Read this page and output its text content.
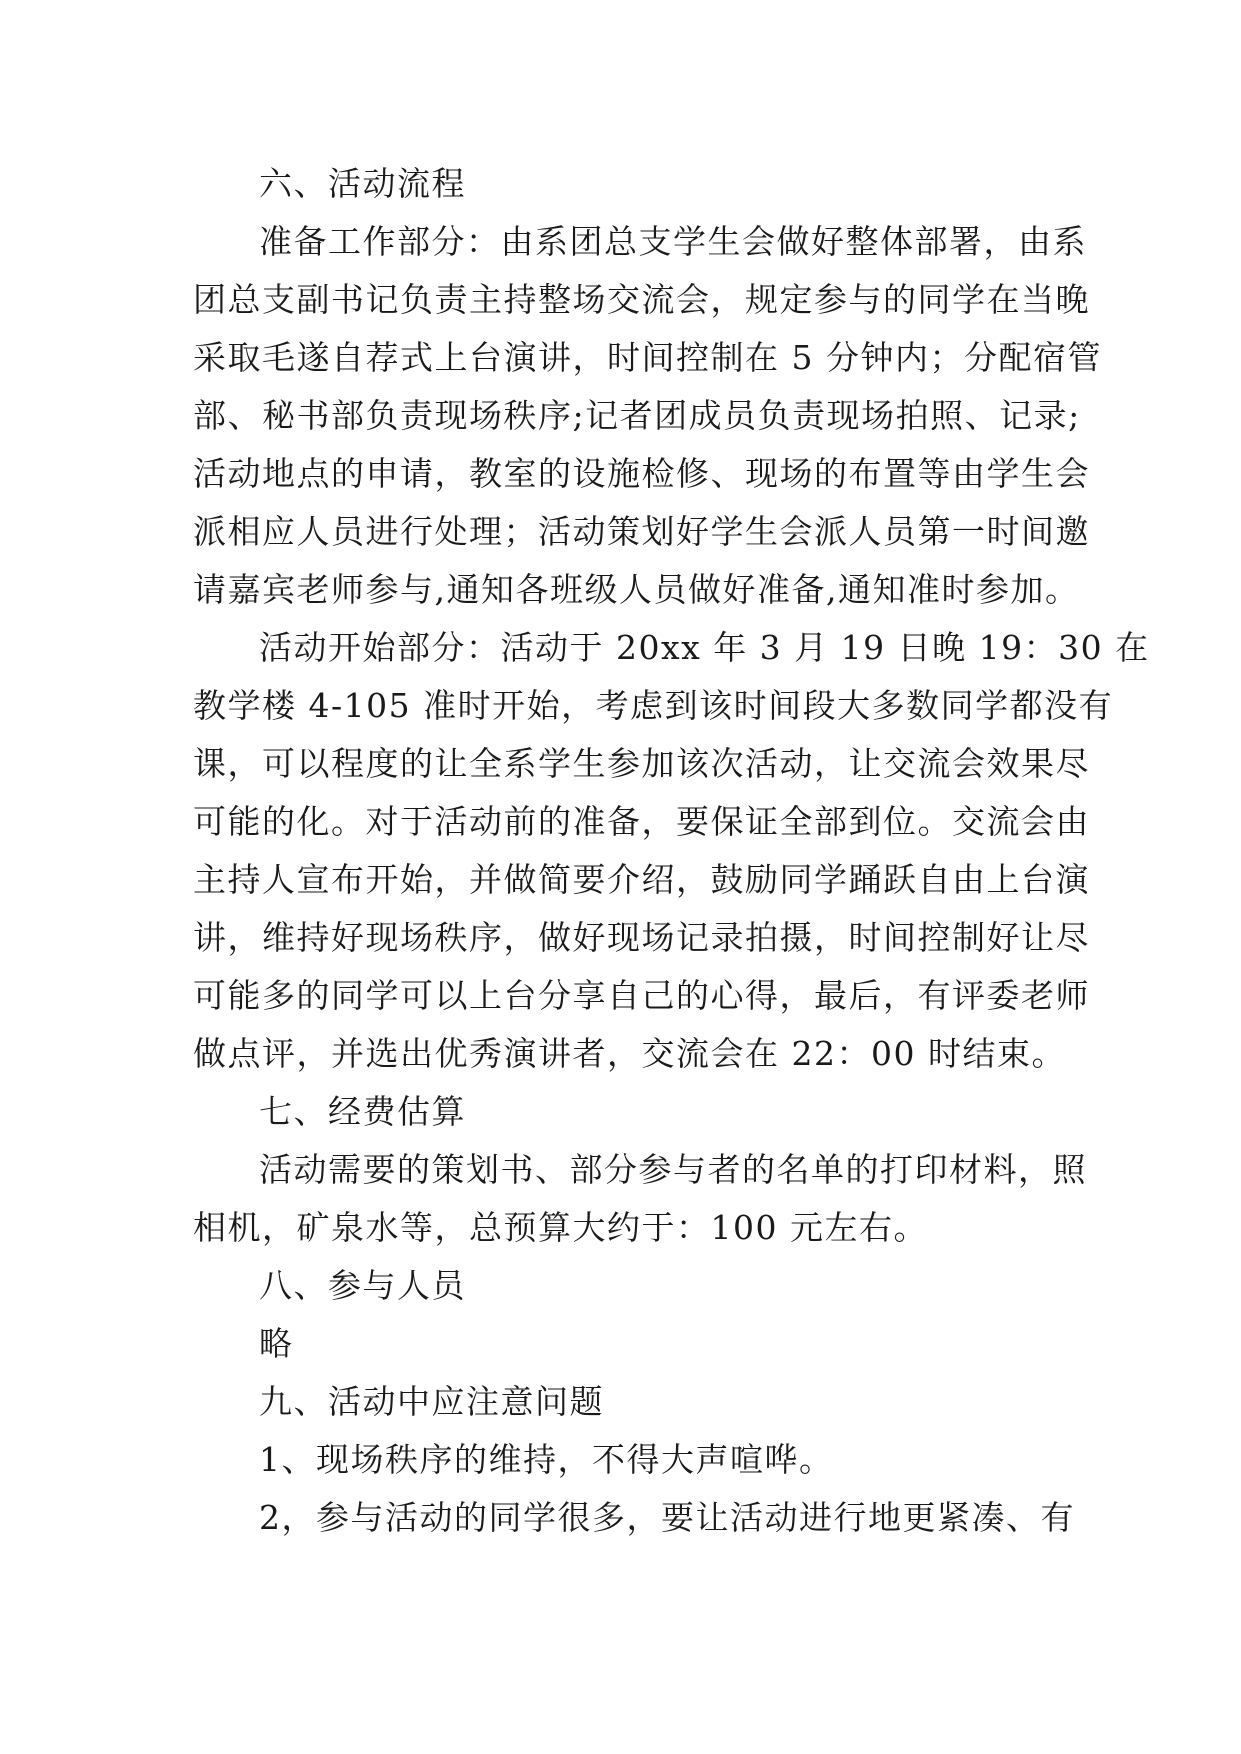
六、活动流程
准备工作部分：由系团总支学生会做好整体部署，由系
团总支副书记负责主持整场交流会，规定参与的同学在当晚
采取毛遂自荐式上台演讲，时间控制在 5 分钟内；分配宿管
部、秘书部负责现场秩序;记者团成员负责现场拍照、记录;
活动地点的申请，教室的设施检修、现场的布置等由学生会
派相应人员进行处理；活动策划好学生会派人员第一时间邀
请嘉宾老师参与,通知各班级人员做好准备,通知准时参加。
活动开始部分：活动于 20xx 年 3 月 19 日晚 19：30 在
教学楼 4-105 准时开始，考虑到该时间段大多数同学都没有
课，可以程度的让全系学生参加该次活动，让交流会效果尽
可能的化。对于活动前的准备，要保证全部到位。交流会由
主持人宣布开始，并做简要介绍，鼓励同学踊跃自由上台演
讲，维持好现场秩序，做好现场记录拍摄，时间控制好让尽
可能多的同学可以上台分享自己的心得，最后，有评委老师
做点评，并选出优秀演讲者，交流会在 22：00 时结束。
七、经费估算
活动需要的策划书、部分参与者的名单的打印材料，照
相机，矿泉水等，总预算大约于：100 元左右。
八、参与人员
略
九、活动中应注意问题
1、现场秩序的维持，不得大声喧哗。
2，参与活动的同学很多，要让活动进行地更紧凑、有
